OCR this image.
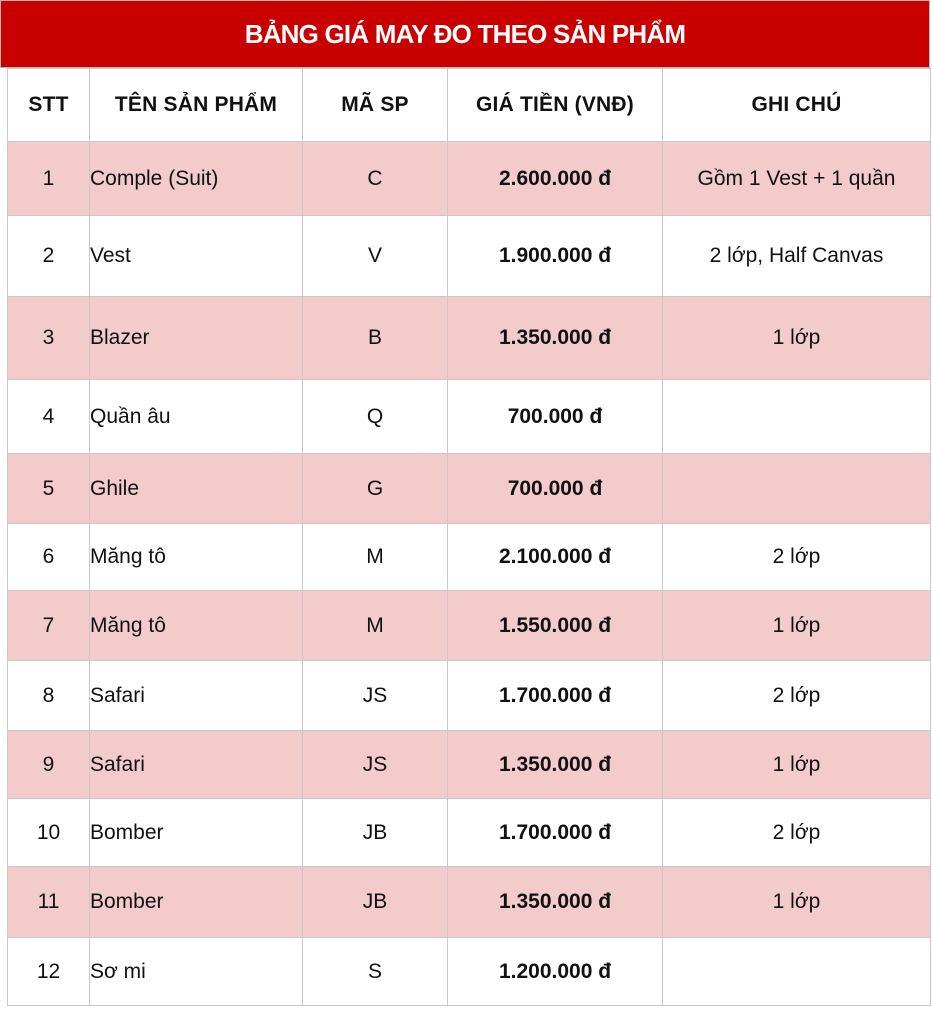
BẢNG GIÁ MAY ĐO THEO SẢN PHẨM
STT	TÊN SẢN PHẨM	MÃ SP	GIÁ TIỀN (VNĐ)	GHI CHÚ
1	Comple (Suit)	C	2.600.000 đ	Gồm 1 Vest + 1 quần
2	Vest	V	1.900.000 đ	2 lớp, Half Canvas
3	Blazer	B	1.350.000 đ	1 lớp
4	Quần âu	Q	700.000 đ	
5	Ghile	G	700.000 đ	
6	Măng tô	M	2.100.000 đ	2 lớp
7	Măng tô	M	1.550.000 đ	1 lớp
8	Safari	JS	1.700.000 đ	2 lớp
9	Safari	JS	1.350.000 đ	1 lớp
10	Bomber	JB	1.700.000 đ	2 lớp
11	Bomber	JB	1.350.000 đ	1 lớp
12	Sơ mi	S	1.200.000 đ	
